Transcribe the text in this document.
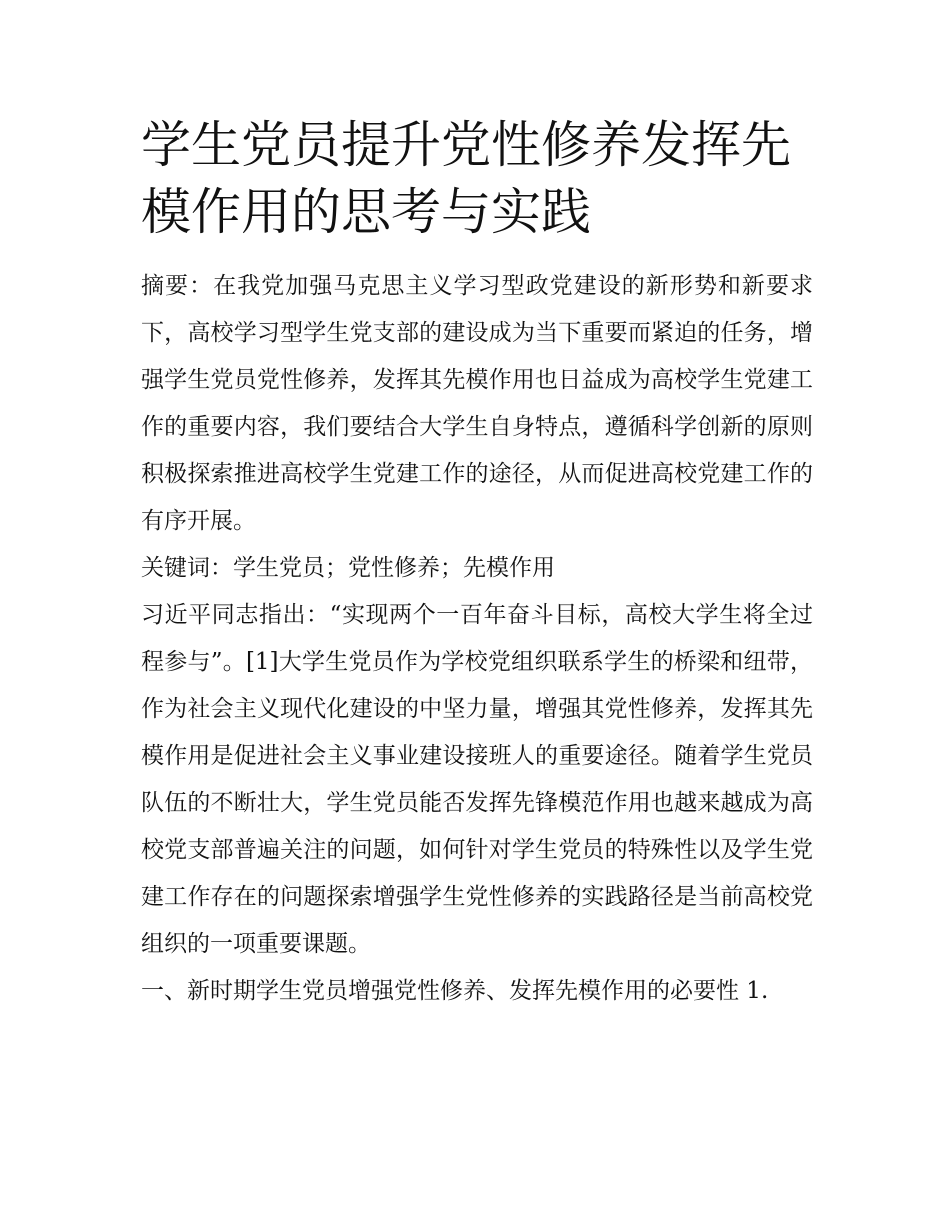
学生党员提升党性修养发挥先模作用的思考与实践

摘要：在我党加强马克思主义学习型政党建设的新形势和新要求下，高校学习型学生党支部的建设成为当下重要而紧迫的任务，增强学生党员党性修养，发挥其先模作用也日益成为高校学生党建工作的重要内容，我们要结合大学生自身特点，遵循科学创新的原则积极探索推进高校学生党建工作的途径，从而促进高校党建工作的有序开展。

关键词：学生党员；党性修养；先模作用

习近平同志指出：“实现两个一百年奋斗目标，高校大学生将全过程参与”。[1]大学生党员作为学校党组织联系学生的桥梁和纽带，作为社会主义现代化建设的中坚力量，增强其党性修养，发挥其先模作用是促进社会主义事业建设接班人的重要途径。随着学生党员队伍的不断壮大，学生党员能否发挥先锋模范作用也越来越成为高校党支部普遍关注的问题，如何针对学生党员的特殊性以及学生党建工作存在的问题探索增强学生党性修养的实践路径是当前高校党组织的一项重要课题。

一、新时期学生党员增强党性修养、发挥先模作用的必要性 1.
